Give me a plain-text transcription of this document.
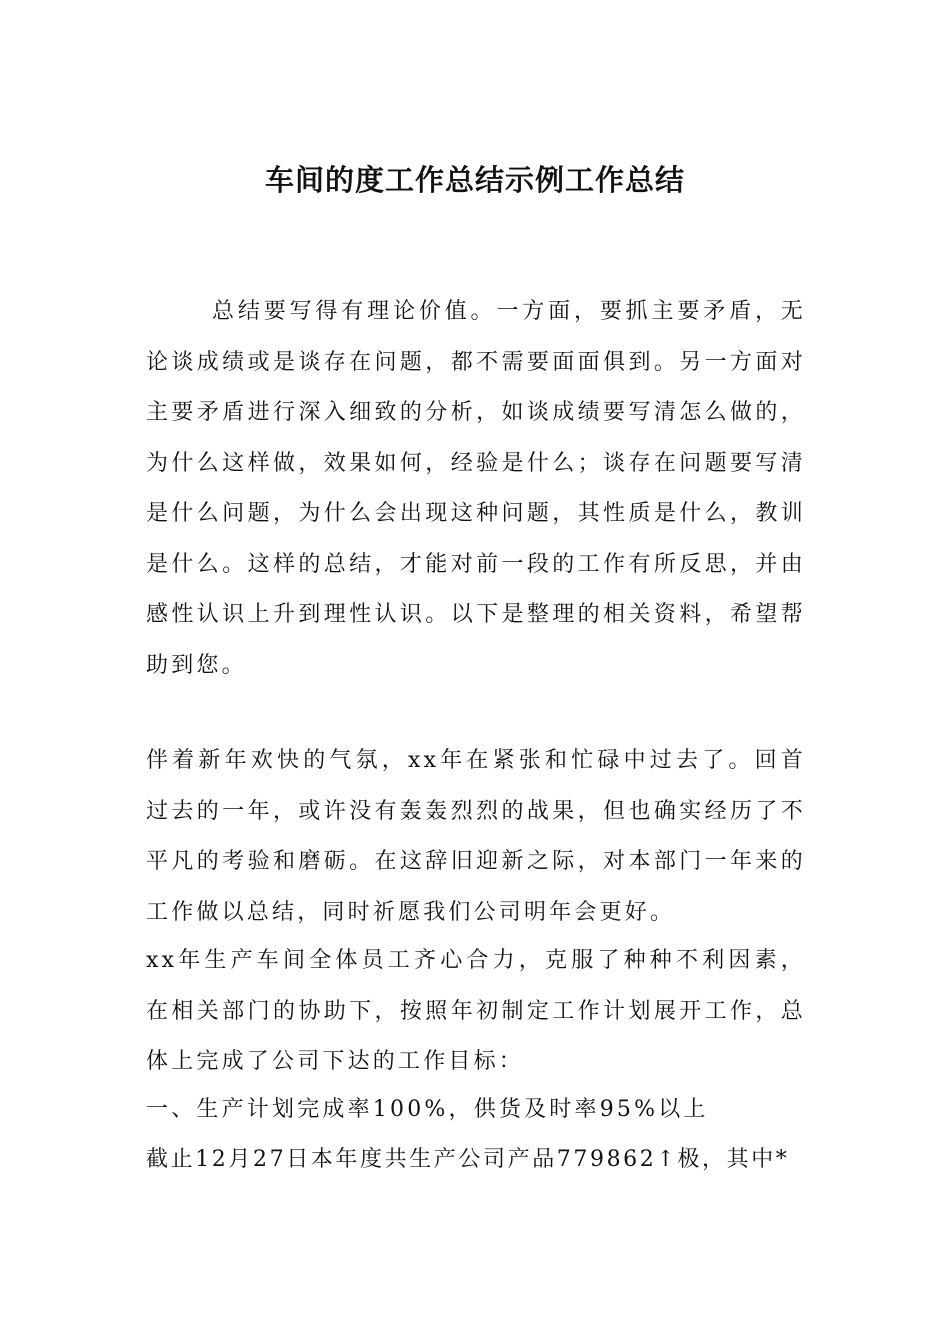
车间的度工作总结示例工作总结

总结要写得有理论价值。一方面，要抓主要矛盾，无论谈成绩或是谈存在问题，都不需要面面俱到。另一方面对主要矛盾进行深入细致的分析，如谈成绩要写清怎么做的，为什么这样做，效果如何，经验是什么；谈存在问题要写清是什么问题，为什么会出现这种问题，其性质是什么，教训是什么。这样的总结，才能对前一段的工作有所反思，并由感性认识上升到理性认识。以下是整理的相关资料，希望帮助到您。

伴着新年欢快的气氛，xx年在紧张和忙碌中过去了。回首过去的一年，或许没有轰轰烈烈的战果，但也确实经历了不平凡的考验和磨砺。在这辞旧迎新之际，对本部门一年来的工作做以总结，同时祈愿我们公司明年会更好。

xx年生产车间全体员工齐心合力，克服了种种不利因素，在相关部门的协助下，按照年初制定工作计划展开工作，总体上完成了公司下达的工作目标：

一、生产计划完成率100%，供货及时率95%以上

截止12月27日本年度共生产公司产品779862↑极，其中*
